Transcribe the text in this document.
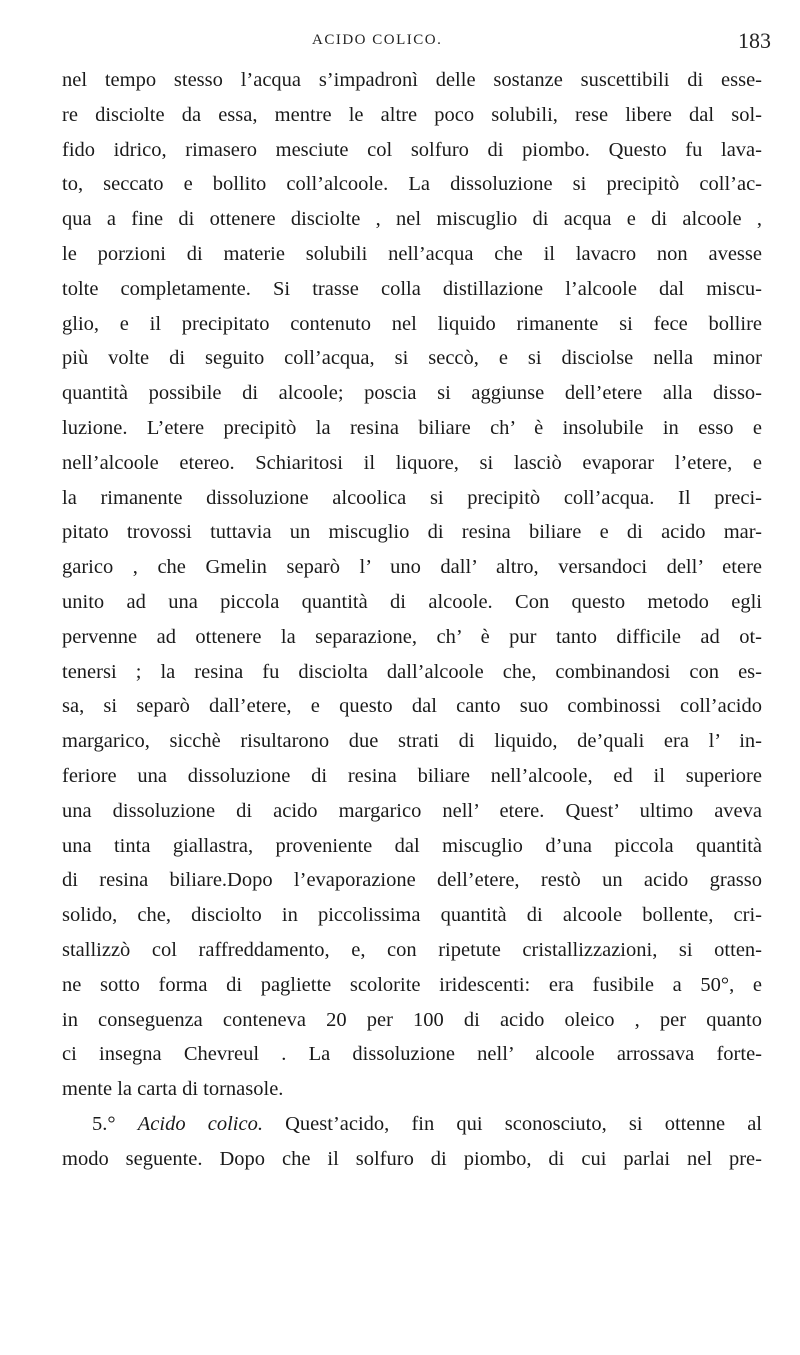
ACIDO COLICO.	183
nel tempo stesso l’acqua s’impadronì delle sostanze suscettibili di esse-
re disciolte da essa, mentre le altre poco solubili, rese libere dal sol-
fido idrico, rimasero mesciute col solfuro di piombo. Questo fu lava-
to, seccato e bollito coll’alcoole. La dissoluzione si precipitò coll’ac-
qua a fine di ottenere disciolte , nel miscuglio di acqua e di alcoole ,
le porzioni di materie solubili nell’acqua che il lavacro non avesse
tolte completamente. Si trasse colla distillazione l’alcoole dal miscu-
glio, e il precipitato contenuto nel liquido rimanente si fece bollire
più volte di seguito coll’acqua, si seccò, e si disciolse nella minor
quantità possibile di alcoole; poscia si aggiunse dell’etere alla disso-
luzione. L’etere precipitò la resina biliare ch’ è insolubile in esso e
nell’alcoole etereo. Schiaritosi il liquore, si lasciò evaporar l’etere, e
la rimanente dissoluzione alcoolica si precipitò coll’acqua. Il preci-
pitato trovossi tuttavia un miscuglio di resina biliare e di acido mar-
garico , che Gmelin separò l’ uno dall’ altro, versandoci dell’ etere
unito ad una piccola quantità di alcoole. Con questo metodo egli
pervenne ad ottenere la separazione, ch’ è pur tanto difficile ad ot-
tenersi ; la resina fu disciolta dall’alcoole che, combinandosi con es-
sa, si separò dall’etere, e questo dal canto suo combinossi coll’acido
margarico, sicchè risultarono due strati di liquido, de’quali era l’ in-
feriore una dissoluzione di resina biliare nell’alcoole, ed il superiore
una dissoluzione di acido margarico nell’ etere. Quest’ ultimo aveva
una tinta giallastra, proveniente dal miscuglio d’una piccola quantità
di resina biliare.Dopo l’evaporazione dell’etere, restò un acido grasso
solido, che, disciolto in piccolissima quantità di alcoole bollente, cri-
stallizzò col raffreddamento, e, con ripetute cristallizzazioni, si otten-
ne sotto forma di pagliette scolorite iridescenti: era fusibile a 50°, e
in conseguenza conteneva 20 per 100 di acido oleico , per quanto
ci insegna Chevreul . La dissoluzione nell’ alcoole arrossava forte-
mente la carta di tornasole.
5.° Acido colico. Quest’acido, fin qui sconosciuto, si ottenne al
modo seguente. Dopo che il solfuro di piombo, di cui parlai nel pre-
